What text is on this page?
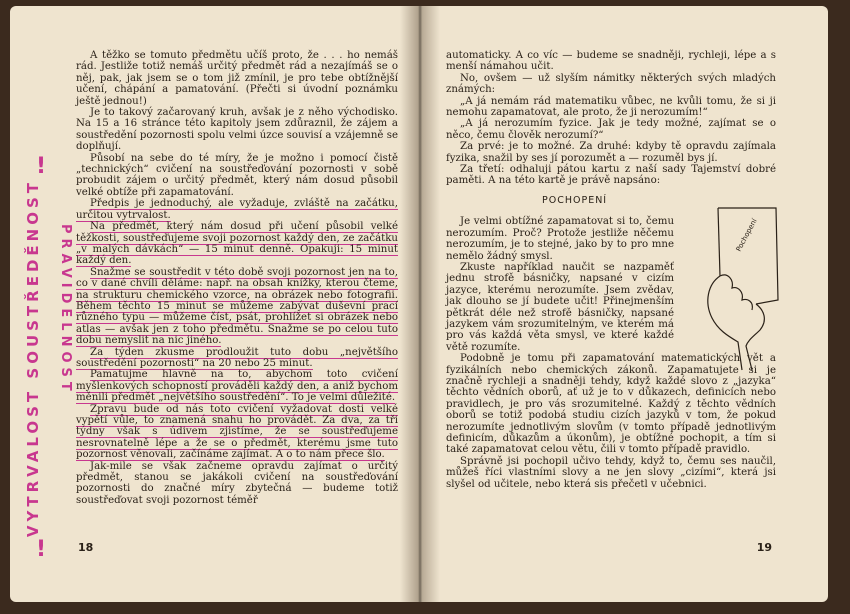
!
VYTRVALOST SOUSTŘEDĚNOST
!
PRAVIDELNOST

A těžko se tomuto předmětu učíš proto, že . . . ho nemáš rád. Jestliže totiž nemáš určitý předmět rád a nezajímáš se o něj, pak, jak jsem se o tom již zmínil, je pro tebe obtížnější učení, chápání a pamatování. (Přečti si úvodní poznámku ještě jednou!)

Je to takový začarovaný kruh, avšak je z něho východisko. Na 15 a 16 stránce této kapitoly jsem zdůraznil, že zájem a soustředění pozornosti spolu velmi úzce souvisí a vzájemně se doplňují.

Působí na sebe do té míry, že je možno i pomocí čistě „technických“ cvičení na soustřeďování pozornosti v sobě probudit zájem o určitý předmět, který nám dosud působil velké obtíže při zapamatování.

Předpis je jednoduchý, ale vyžaduje, zvláště na začátku, určitou vytrvalost.

Na předmět, který nám dosud při učení působil velké těžkosti, soustřeďujeme svoji pozornost každý den, ze začátku „v malých dávkách“ — 15 minut denně. Opakuji: 15 minut každý den.

Snažme se soustředit v této době svoji pozornost jen na to, co v dané chvíli děláme: např. na obsah knížky, kterou čteme, na strukturu chemického vzorce, na obrázek nebo fotografii. Během těchto 15 minut se můžeme zabývat duševní prací různého typu — můžeme číst, psát, prohlížet si obrázek nebo atlas — avšak jen z toho předmětu. Snažme se po celou tuto dobu nemyslit na nic jiného.

Za týden zkusme prodloužit tuto dobu „největšího soustředění pozornosti“ na 20 nebo 25 minut.

Pamatujme hlavně na to, abychom toto cvičení myšlenkových schopností prováděli každý den, a aniž bychom měnili předmět „největšího soustředění“. To je velmi důležité.

Zpravu bude od nás toto cvičení vyžadovat dosti velké vypětí vůle, to znamená snahu ho provádět. Za dva, za tři týdny však s údivem zjistíme, že se soustřeďujeme nesrovnatelně lépe a že se o předmět, kterému jsme tuto pozornost věnovali, začínáme zajímat. A o to nám přece šlo.

Jak-mile se však začneme opravdu zajímat o určitý předmět, stanou se jakákoli cvičení na soustřeďování pozornosti do značné míry zbytečná — budeme totiž soustřeďovat svoji pozornost téměř

18

automaticky. A co víc — budeme se snadněji, rychleji, lépe a s menší námahou učit.

No, ovšem — už slyším námitky některých svých mladých známých:

„A já nemám rád matematiku vůbec, ne kvůli tomu, že si ji nemohu zapamatovat, ale proto, že ji nerozumím!“

„A já nerozumím fyzice. Jak je tedy možné, zajímat se o něco, čemu člověk nerozumí?“

Za prvé: je to možné. Za druhé: kdyby tě opravdu zajímala fyzika, snažil by ses jí porozumět a — rozuměl bys jí.

Za třetí: odhaluji pátou kartu z naší sady Tajemství dobré paměti. A na této kartě je právě napsáno:

POCHOPENÍ

Je velmi obtížné zapamatovat si to, čemu nerozumím. Proč? Protože jestliže něčemu nerozumím, je to stejné, jako by to pro mne nemělo žádný smysl.

Zkuste například naučit se nazpaměť jednu strofě básničky, napsané v cizím jazyce, kterému nerozumíte. Jsem zvědav, jak dlouho se jí budete učit! Přinejmenším pětkrát déle než strofě básničky, napsané jazykem vám srozumitelným, ve kterém má pro vás každá věta smysl, ve které každé větě rozumíte.

Podobně je tomu při zapamatování matematických vět a fyzikálních nebo chemických zákonů. Zapamatujete si je značně rychleji a snadněji tehdy, když každé slovo z „jazyka“ těchto vědních oborů, ať už je to v důkazech, definicích nebo pravidlech, je pro vás srozumitelné. Každý z těchto vědních oborů se totiž podobá studiu cizích jazyků v tom, že pokud nerozumíte jednotlivým slovům (v tomto případě jednotlivým definicím, důkazům a úkonům), je obtížné pochopit, a tím si také zapamatovat celou větu, čili v tomto případě pravidlo.

Správně jsi pochopil učivo tehdy, když to, čemu ses naučil, můžeš říci vlastními slovy a ne jen slovy „cizími“, která jsi slyšel od učitele, nebo která sis přečetl v učebnici.

Pochopení
19
